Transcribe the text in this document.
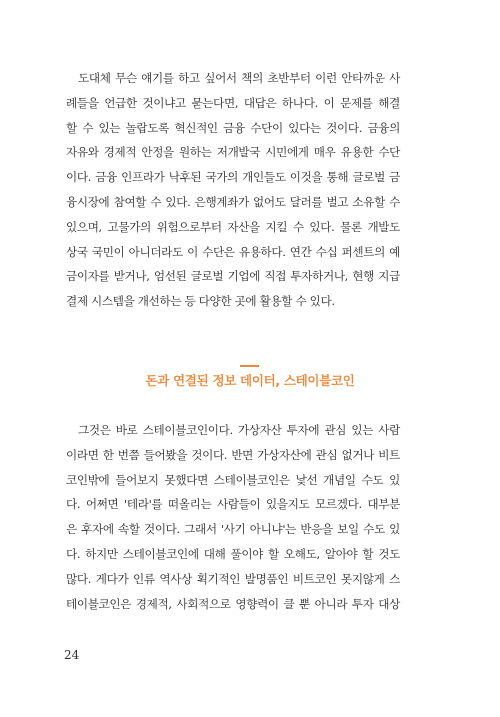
도대체 무슨 얘기를 하고 싶어서 책의 초반부터 이런 안타까운 사
례들을 언급한 것이냐고 묻는다면, 대답은 하나다. 이 문제를 해결
할 수 있는 놀랍도록 혁신적인 금융 수단이 있다는 것이다. 금융의
자유와 경제적 안정을 원하는 저개발국 시민에게 매우 유용한 수단
이다. 금융 인프라가 낙후된 국가의 개인들도 이것을 통해 글로벌 금
융시장에 참여할 수 있다. 은행계좌가 없어도 달러를 벌고 소유할 수
있으며, 고물가의 위험으로부터 자산을 지킬 수 있다. 물론 개발도
상국 국민이 아니더라도 이 수단은 유용하다. 연간 수십 퍼센트의 예
금이자를 받거나, 엄선된 글로벌 기업에 직접 투자하거나, 현행 지급
결제 시스템을 개선하는 등 다양한 곳에 활용할 수 있다.
돈과 연결된 정보 데이터, 스테이블코인
그것은 바로 스테이블코인이다. 가상자산 투자에 관심 있는 사람
이라면 한 번쯤 들어봤을 것이다. 반면 가상자산에 관심 없거나 비트
코인밖에 들어보지 못했다면 스테이블코인은 낯선 개념일 수도 있
다. 어쩌면 '테라'를 떠올리는 사람들이 있을지도 모르겠다. 대부분
은 후자에 속할 것이다. 그래서 '사기 아니냐'는 반응을 보일 수도 있
다. 하지만 스테이블코인에 대해 풀이야 할 오해도, 알아야 할 것도
많다. 게다가 인류 역사상 획기적인 발명품인 비트코인 못지않게 스
테이블코인은 경제적, 사회적으로 영향력이 클 뿐 아니라 투자 대상
24
